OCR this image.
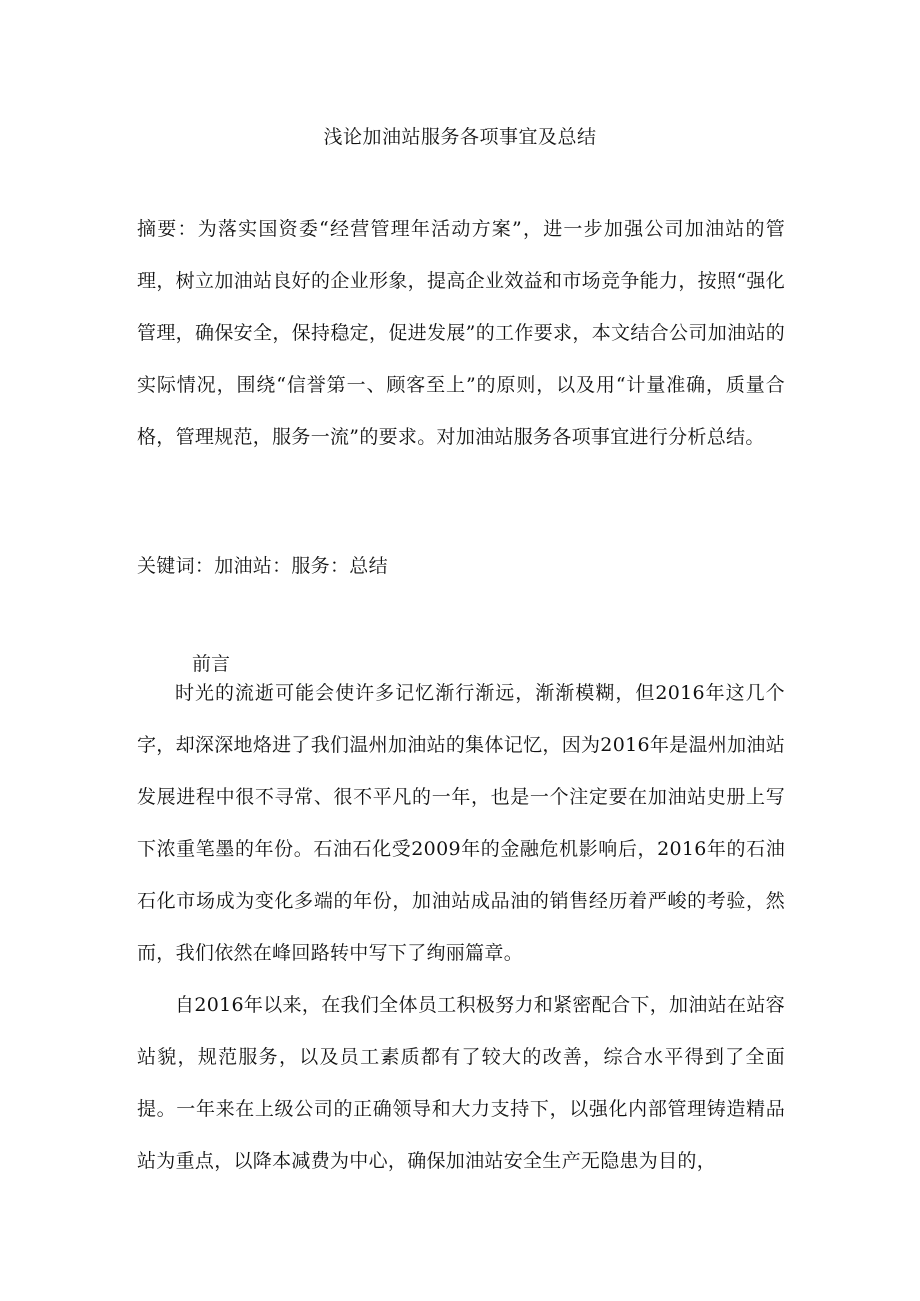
浅论加油站服务各项事宜及总结
摘要：为落实国资委“经营管理年活动方案”，进一步加强公司加油站的管理，树立加油站良好的企业形象，提高企业效益和市场竞争能力，按照“强化管理，确保安全，保持稳定，促进发展”的工作要求，本文结合公司加油站的实际情况，围绕“信誉第一、顾客至上”的原则，以及用“计量准确，质量合格，管理规范，服务一流”的要求。对加油站服务各项事宜进行分析总结。
关键词：加油站：服务：总结
前言

时光的流逝可能会使许多记忆渐行渐远，渐渐模糊，但2016年这几个字，却深深地烙进了我们温州加油站的集体记忆，因为2016年是温州加油站发展进程中很不寻常、很不平凡的一年，也是一个注定要在加油站史册上写下浓重笔墨的年份。石油石化受2009年的金融危机影响后，2016年的石油石化市场成为变化多端的年份，加油站成品油的销售经历着严峻的考验，然而，我们依然在峰回路转中写下了绚丽篇章。

自2016年以来，在我们全体员工积极努力和紧密配合下，加油站在站容站貌，规范服务，以及员工素质都有了较大的改善，综合水平得到了全面提。一年来在上级公司的正确领导和大力支持下，以强化内部管理铸造精品站为重点，以降本减费为中心，确保加油站安全生产无隐患为目的，
